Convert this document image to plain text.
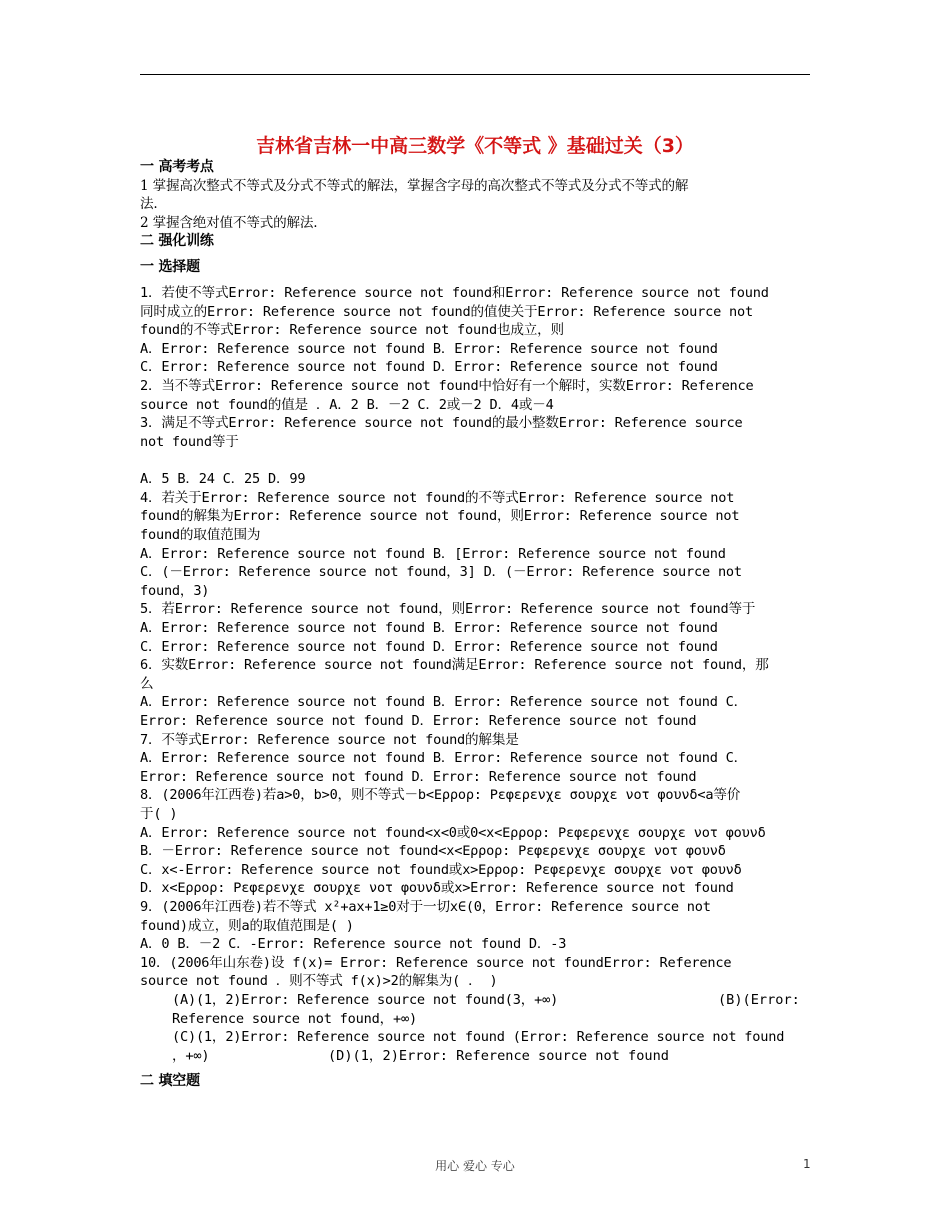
吉林省吉林一中高三数学《不等式 》基础过关（3）
一 高考考点
1 掌握高次整式不等式及分式不等式的解法，掌握含字母的高次整式不等式及分式不等式的解
法.
2 掌握含绝对值不等式的解法.
二 强化训练
一 选择题
1．若使不等式Error: Reference source not found和Error: Reference source not found
同时成立的Error: Reference source not found的值使关于Error: Reference source not
found的不等式Error: Reference source not found也成立，则
A．Error: Reference source not found B．Error: Reference source not found
C．Error: Reference source not found D．Error: Reference source not found
2．当不等式Error: Reference source not found中恰好有一个解时，实数Error: Reference
source not found的值是 ．A．2 B．－2 C．2或－2 D．4或－4
3．满足不等式Error: Reference source not found的最小整数Error: Reference source
not found等于
A．5 B．24 C．25 D．99
4．若关于Error: Reference source not found的不等式Error: Reference source not
found的解集为Error: Reference source not found，则Error: Reference source not
found的取值范围为
A．Error: Reference source not found B．[Error: Reference source not found
C．(－Error: Reference source not found，3] D．(－Error: Reference source not
found，3)
5．若Error: Reference source not found，则Error: Reference source not found等于
A．Error: Reference source not found B．Error: Reference source not found
C．Error: Reference source not found D．Error: Reference source not found
6．实数Error: Reference source not found满足Error: Reference source not found，那
么
A．Error: Reference source not found B．Error: Reference source not found C．
Error: Reference source not found D．Error: Reference source not found
7．不等式Error: Reference source not found的解集是
A．Error: Reference source not found B．Error: Reference source not found C．
Error: Reference source not found D．Error: Reference source not found
8．(2006年江西卷)若a>0，b>0，则不等式－b<Ερρορ: Ρεφερενχε σουρχε νοτ φουνδ<a等价
于( )
A．Error: Reference source not found<x<0或0<x<Ερρορ: Ρεφερενχε σουρχε νοτ φουνδ
B．－Error: Reference source not found<x<Ερρορ: Ρεφερενχε σουρχε νοτ φουνδ
C．x<-Error: Reference source not found或x>Ερρορ: Ρεφερενχε σουρχε νοτ φουνδ
D．x<Ερρορ: Ρεφερενχε σουρχε νοτ φουνδ或x>Error: Reference source not found
9．(2006年江西卷)若不等式 x²+ax+1≥0对于一切x∈(0，Error: Reference source not
found)成立，则a的取值范围是( )
A．0 B．－2 C．-Error: Reference source not found D．-3
10．(2006年山东卷)设 f(x)= Error: Reference source not foundError: Reference
source not found ．则不等式 f(x)>2的解集为( ． )
(A)(1，2)Error: Reference source not found(3，+∞)	(B)(Error:
Reference source not found，+∞)
(C)(1，2)Error: Reference source not found (Error: Reference source not found
，+∞)	(D)(1，2)Error: Reference source not found
二 填空题
用心 爱心 专心	1
